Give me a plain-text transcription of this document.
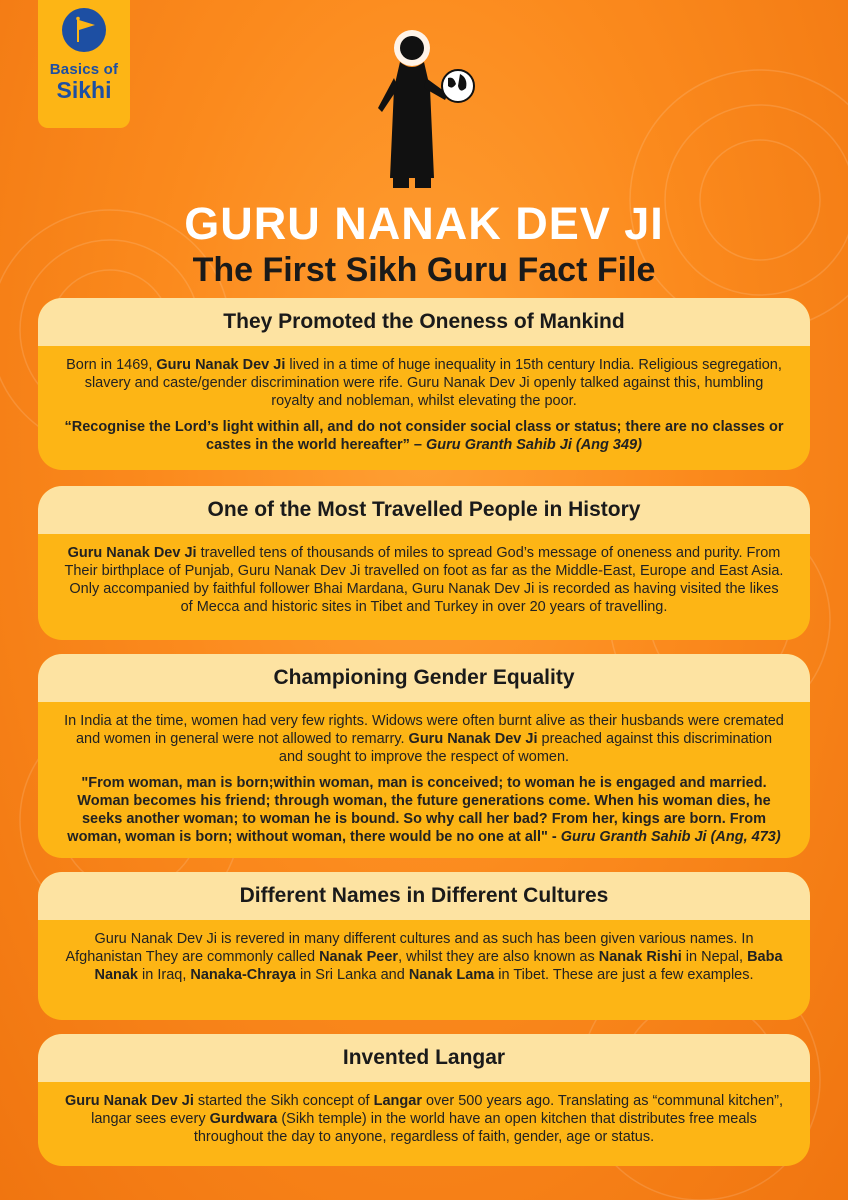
Basics of
Sikhi
GURU NANAK DEV JI
The First Sikh Guru Fact File
They Promoted the Oneness of Mankind

Born in 1469, Guru Nanak Dev Ji lived in a time of huge inequality in 15th century India. Religious segregation, slavery and caste/gender discrimination were rife. Guru Nanak Dev Ji openly talked against this, humbling royalty and nobleman, whilst elevating the poor.

“Recognise the Lord’s light within all, and do not consider social class or status; there are no classes or castes in the world hereafter” – Guru Granth Sahib Ji (Ang 349)

One of the Most Travelled People in History

Guru Nanak Dev Ji travelled tens of thousands of miles to spread God’s message of oneness and purity. From Their birthplace of Punjab, Guru Nanak Dev Ji travelled on foot as far as the Middle-East, Europe and East Asia. Only accompanied by faithful follower Bhai Mardana, Guru Nanak Dev Ji is recorded as having visited the likes of Mecca and historic sites in Tibet and Turkey in over 20 years of travelling.

Championing Gender Equality

In India at the time, women had very few rights. Widows were often burnt alive as their husbands were cremated and women in general were not allowed to remarry. Guru Nanak Dev Ji preached against this discrimination and sought to improve the respect of women.

"From woman, man is born;within woman, man is conceived; to woman he is engaged and married. Woman becomes his friend; through woman, the future generations come. When his woman dies, he seeks another woman; to woman he is bound. So why call her bad? From her, kings are born. From woman, woman is born; without woman, there would be no one at all" - Guru Granth Sahib Ji (Ang, 473)

Different Names in Different Cultures

Guru Nanak Dev Ji is revered in many different cultures and as such has been given various names. In Afghanistan They are commonly called Nanak Peer, whilst they are also known as Nanak Rishi in Nepal, Baba Nanak in Iraq, Nanaka-Chraya in Sri Lanka and Nanak Lama in Tibet. These are just a few examples.

Invented Langar

Guru Nanak Dev Ji started the Sikh concept of Langar over 500 years ago. Translating as “communal kitchen”, langar sees every Gurdwara (Sikh temple) in the world have an open kitchen that distributes free meals throughout the day to anyone, regardless of faith, gender, age or status.
